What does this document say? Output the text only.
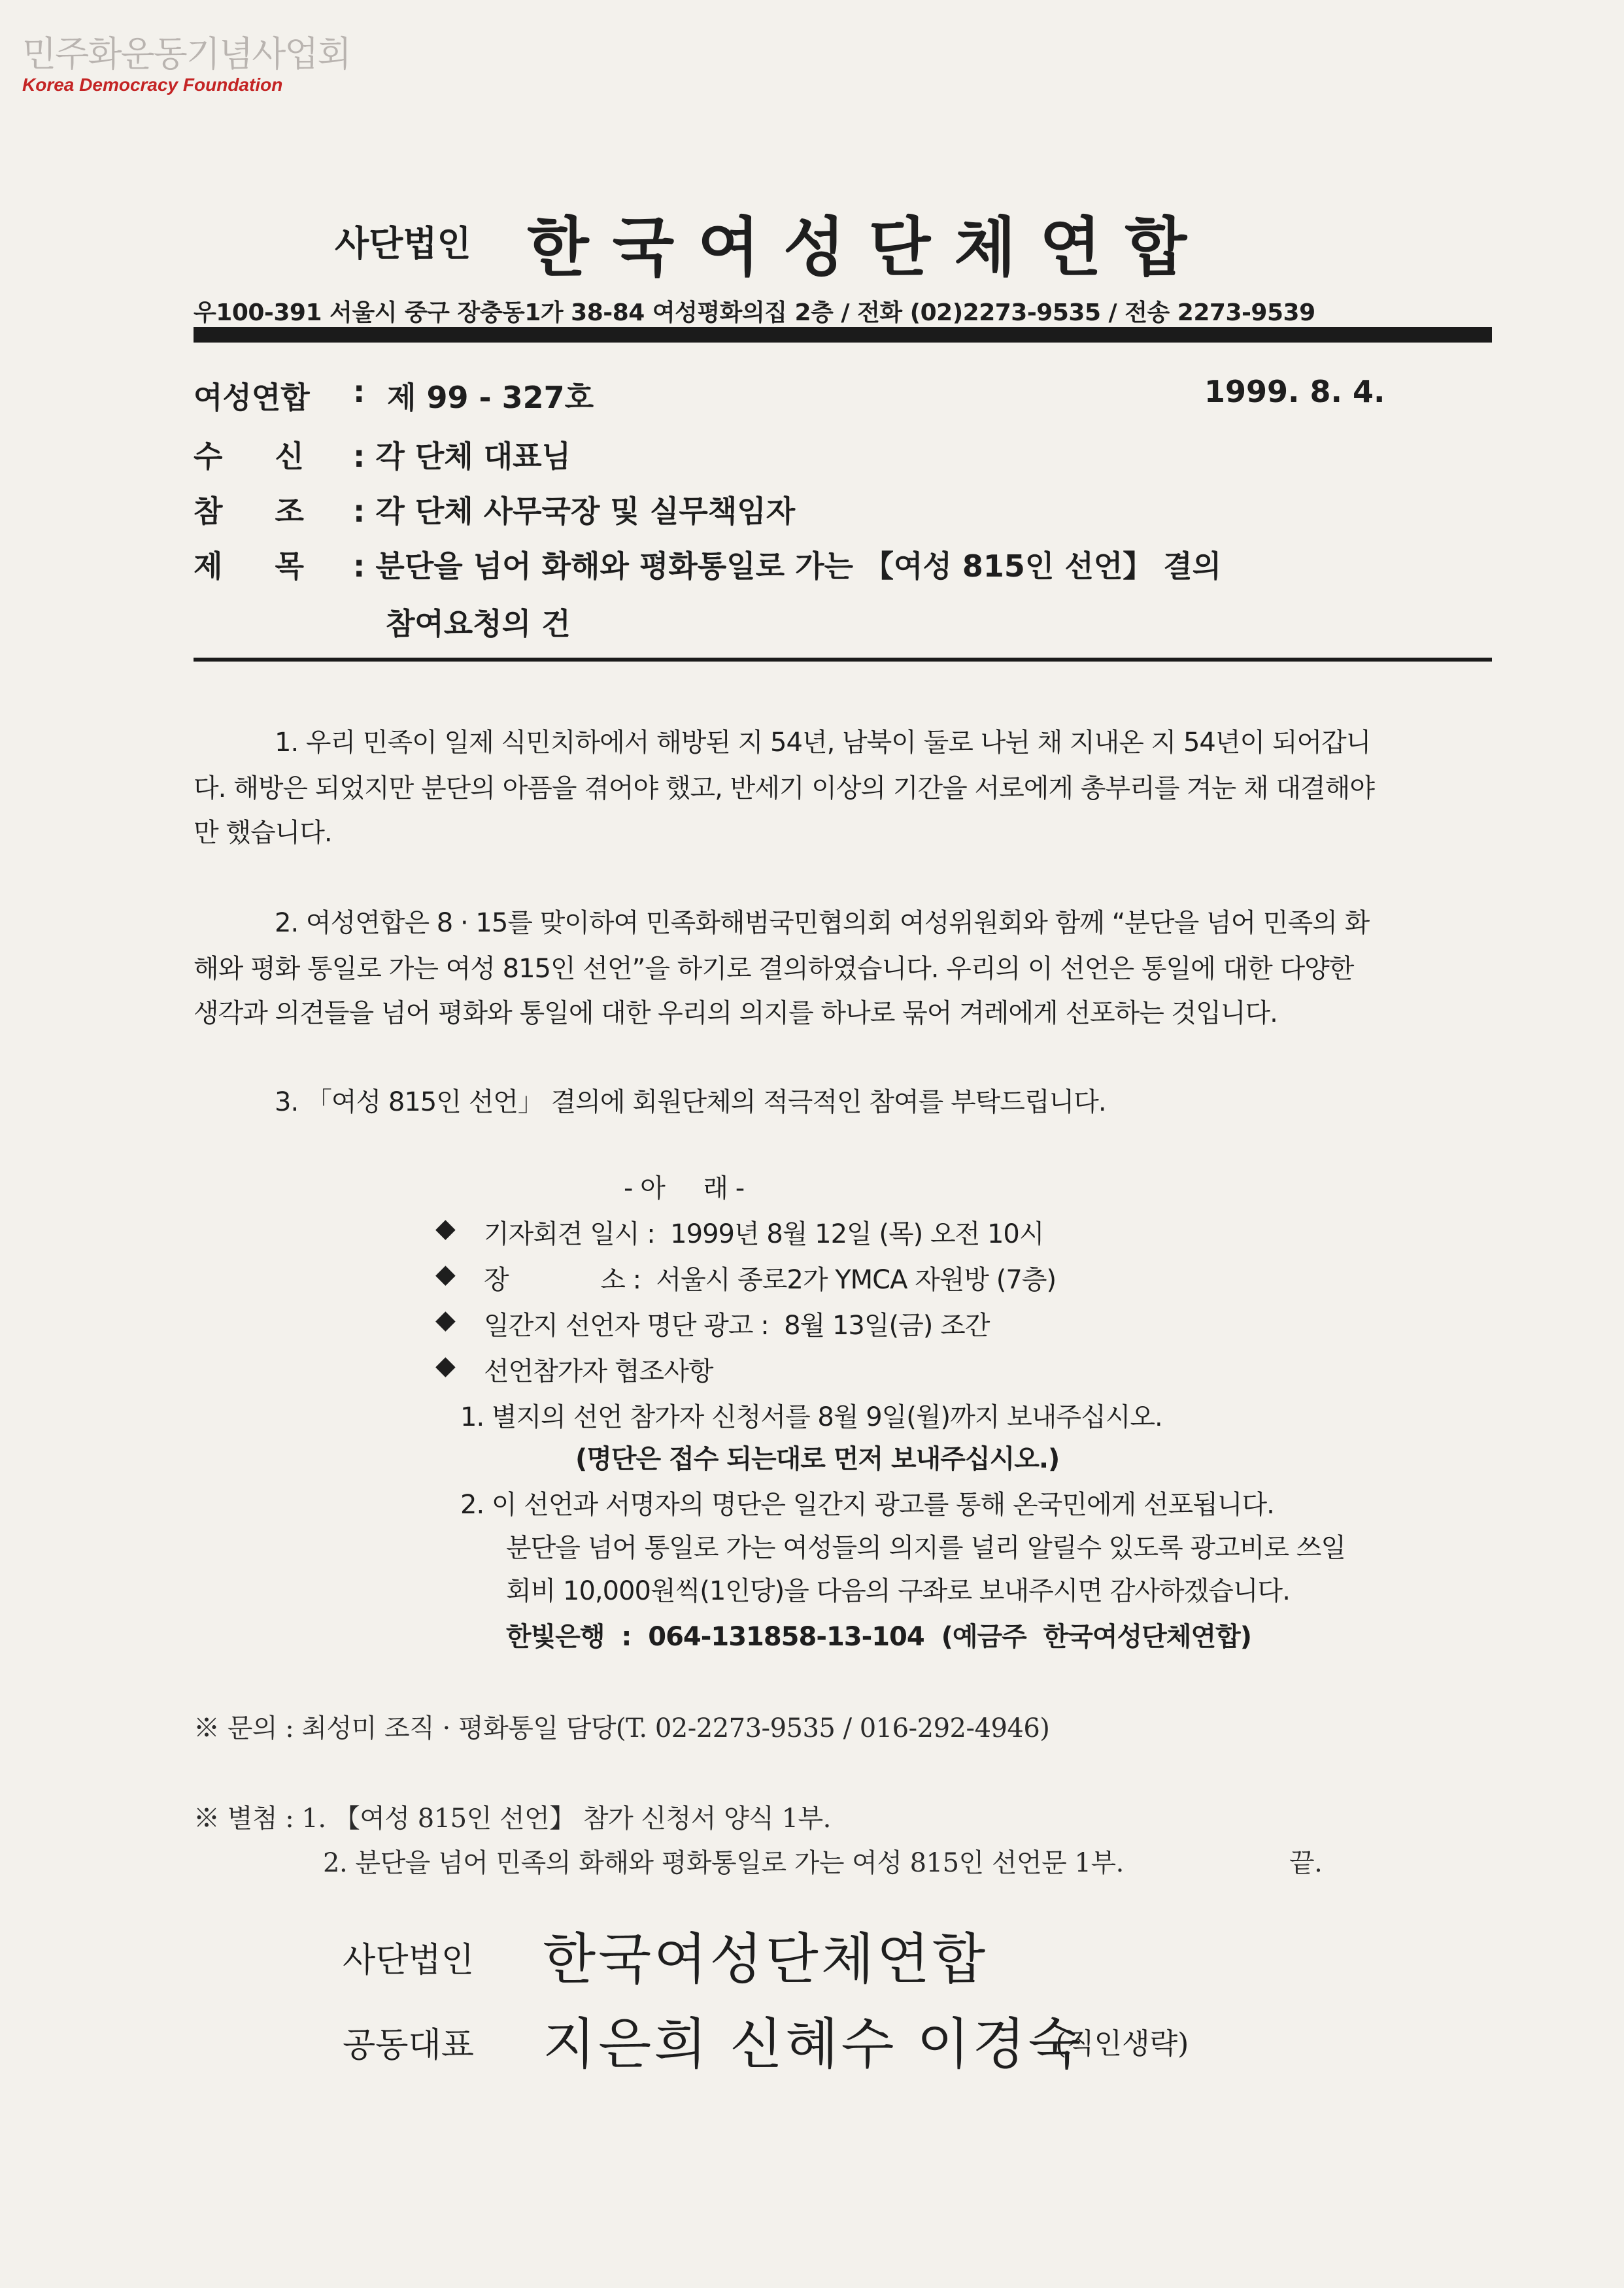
민주화운동기념사업회
Korea Democracy Foundation
사단법인 한국여성단체연합
우100-391 서울시 중구 장충동1가 38-84 여성평화의집 2층 / 전화 (02)2273-9535 / 전송 2273-9539
여성연합 : 제 99 - 327호	1999. 8. 4.
수     신 : 각 단체 대표님
참     조 : 각 단체 사무국장 및 실무책임자
제     목 : 분단을 넘어 화해와 평화통일로 가는 【여성 815인 선언】 결의
참여요청의 건
1. 우리 민족이 일제 식민치하에서 해방된 지 54년, 남북이 둘로 나뉜 채 지내온 지 54년이 되어갑니
다. 해방은 되었지만 분단의 아픔을 겪어야 했고, 반세기 이상의 기간을 서로에게 총부리를 겨눈 채 대결해야
만 했습니다.
2. 여성연합은 8 · 15를 맞이하여 민족화해범국민협의회 여성위원회와 함께 “분단을 넘어 민족의 화
해와 평화 통일로 가는 여성 815인 선언”을 하기로 결의하였습니다. 우리의 이 선언은 통일에 대한 다양한
생각과 의견들을 넘어 평화와 통일에 대한 우리의 의지를 하나로 묶어 겨레에게 선포하는 것입니다.
3. 「여성 815인 선언」 결의에 회원단체의 적극적인 참여를 부탁드립니다.
- 아     래 -
◆ 기자회견 일시 :  1999년 8월 12일 (목) 오전 10시
◆ 장            소 :  서울시 종로2가 YMCA 자원방 (7층)
◆ 일간지 선언자 명단 광고 :  8월 13일(금) 조간
◆ 선언참가자 협조사항
1. 별지의 선언 참가자 신청서를 8월 9일(월)까지 보내주십시오.
(명단은 접수 되는대로 먼저 보내주십시오.)
2. 이 선언과 서명자의 명단은 일간지 광고를 통해 온국민에게 선포됩니다.
분단을 넘어 통일로 가는 여성들의 의지를 널리 알릴수 있도록 광고비로 쓰일
회비 10,000원씩(1인당)을 다음의 구좌로 보내주시면 감사하겠습니다.
한빛은행  :  064-131858-13-104  (예금주  한국여성단체연합)
※ 문의 : 최성미 조직 · 평화통일 담당(T. 02-2273-9535 / 016-292-4946)
※ 별첨 : 1. 【여성 815인 선언】 참가 신청서 양식 1부.
2. 분단을 넘어 민족의 화해와 평화통일로 가는 여성 815인 선언문 1부.	끝.
사단법인 한국여성단체연합
공동대표 지은희 신혜수 이경숙
(직인생략)
